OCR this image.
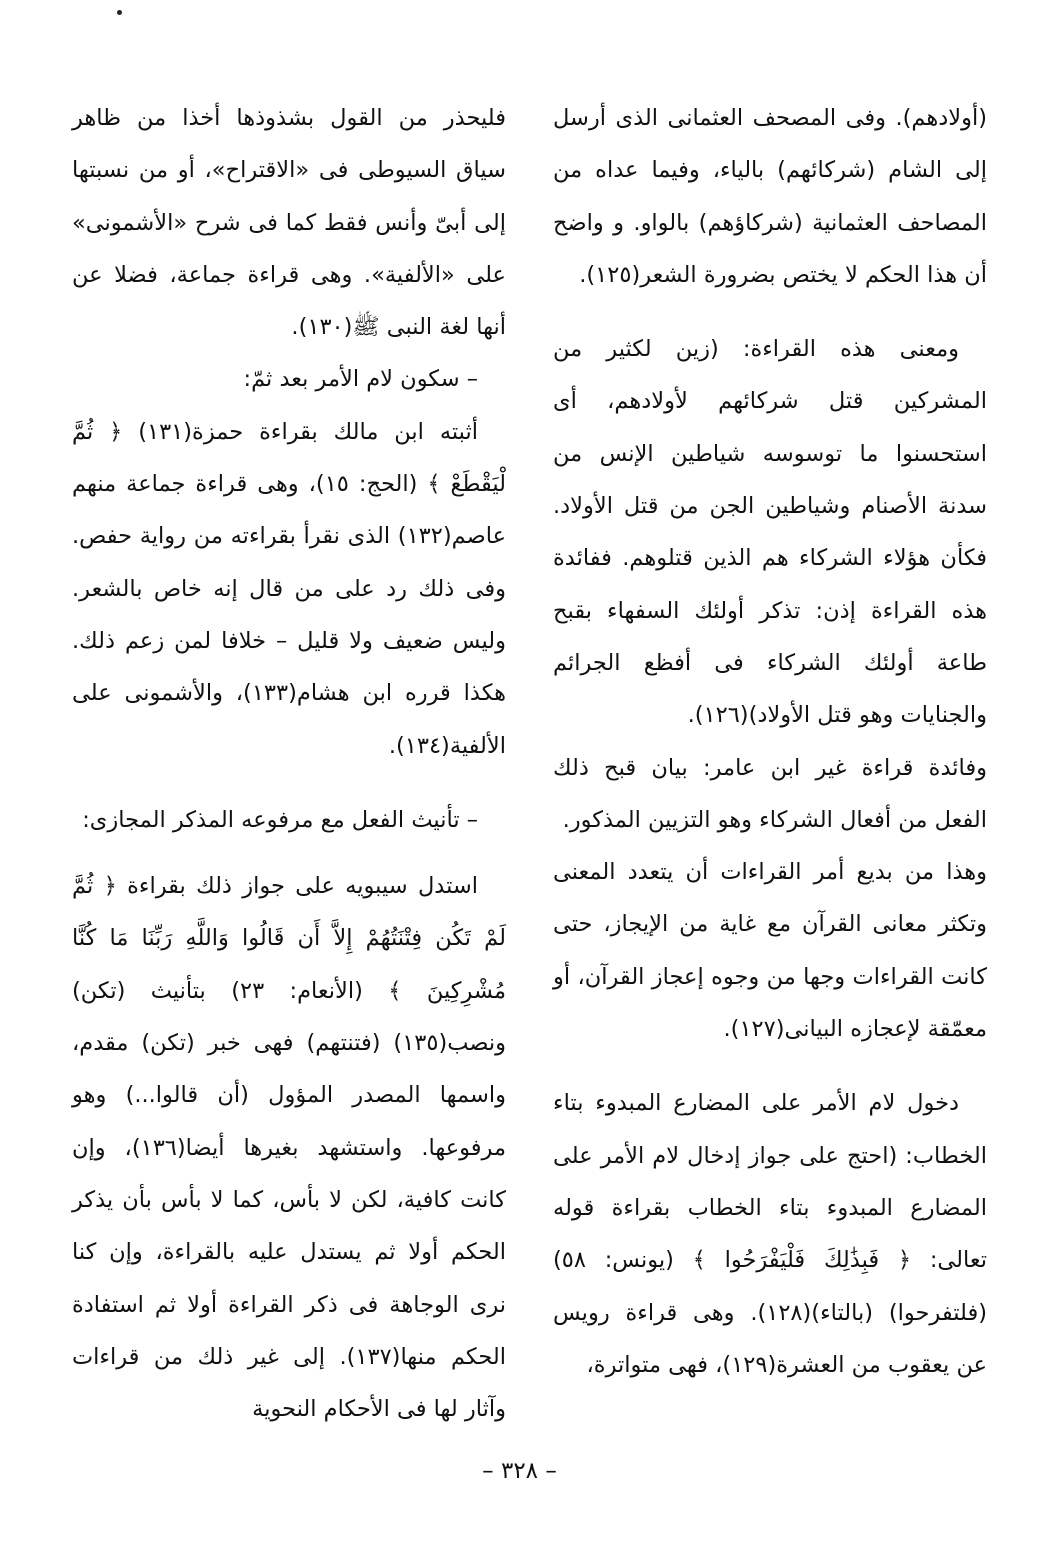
(أولادهم). وفى المصحف العثمانى الذى أرسل إلى الشام (شركائهم) بالياء، وفيما عداه من المصاحف العثمانية (شركاؤهم) بالواو. و واضح أن هذا الحكم لا يختص بضرورة الشعر(١٢٥).

ومعنى هذه القراءة: (زين لكثير من المشركين قتل شركائهم لأولادهم، أى استحسنوا ما توسوسه شياطين الإنس من سدنة الأصنام وشياطين الجن من قتل الأولاد. فكأن هؤلاء الشركاء هم الذين قتلوهم. ففائدة هذه القراءة إذن: تذكر أولئك السفهاء بقبح طاعة أولئك الشركاء فى أفظع الجرائم والجنايات وهو قتل الأولاد)(١٢٦).

وفائدة قراءة غير ابن عامر: بيان قبح ذلك الفعل من أفعال الشركاء وهو التزيين المذكور.

وهذا من بديع أمر القراءات أن يتعدد المعنى وتكثر معانى القرآن مع غاية من الإيجاز، حتى كانت القراءات وجها من وجوه إعجاز القرآن، أو معمّقة لإعجازه البيانى(١٢٧).

دخول لام الأمر على المضارع المبدوء بتاء الخطاب: (احتج على جواز إدخال لام الأمر على المضارع المبدوء بتاء الخطاب بقراءة قوله تعالى: ﴿ فَبِذَٰلِكَ فَلْيَفْرَحُوا ﴾ (يونس: ٥٨) (فلتفرحوا) (بالتاء)(١٢٨). وهى قراءة رويس عن يعقوب من العشرة(١٢٩)، فهى متواترة،

فليحذر من القول بشذوذها أخذا من ظاهر سياق السيوطى فى «الاقتراح»، أو من نسبتها إلى أبىّ وأنس فقط كما فى شرح «الأشمونى» على «الألفية». وهى قراءة جماعة، فضلا عن أنها لغة النبى ﷺ(١٣٠).

– سكون لام الأمر بعد ثمّ:

أثبته ابن مالك بقراءة حمزة(١٣١) ﴿ ثُمَّ لْيَقْطَعْ ﴾ (الحج: ١٥)، وهى قراءة جماعة منهم عاصم(١٣٢) الذى نقرأ بقراءته من رواية حفص. وفى ذلك رد على من قال إنه خاص بالشعر. وليس ضعيف ولا قليل – خلافا لمن زعم ذلك. هكذا قرره ابن هشام(١٣٣)، والأشمونى على الألفية(١٣٤).

– تأنيث الفعل مع مرفوعه المذكر المجازى:

استدل سيبويه على جواز ذلك بقراءة ﴿ ثُمَّ لَمْ تَكُن فِتْنَتُهُمْ إِلاَّ أَن قَالُوا وَاللَّهِ رَبِّنَا مَا كُنَّا مُشْرِكِينَ ﴾ (الأنعام: ٢٣) بتأنيث (تكن) ونصب(١٣٥) (فتنتهم) فهى خبر (تكن) مقدم، واسمها المصدر المؤول (أن قالوا...) وهو مرفوعها. واستشهد بغيرها أيضا(١٣٦)، وإن كانت كافية، لكن لا بأس، كما لا بأس بأن يذكر الحكم أولا ثم يستدل عليه بالقراءة، وإن كنا نرى الوجاهة فى ذكر القراءة أولا ثم استفادة الحكم منها(١٣٧). إلى غير ذلك من قراءات وآثار لها فى الأحكام النحوية

– ٣٢٨ –
